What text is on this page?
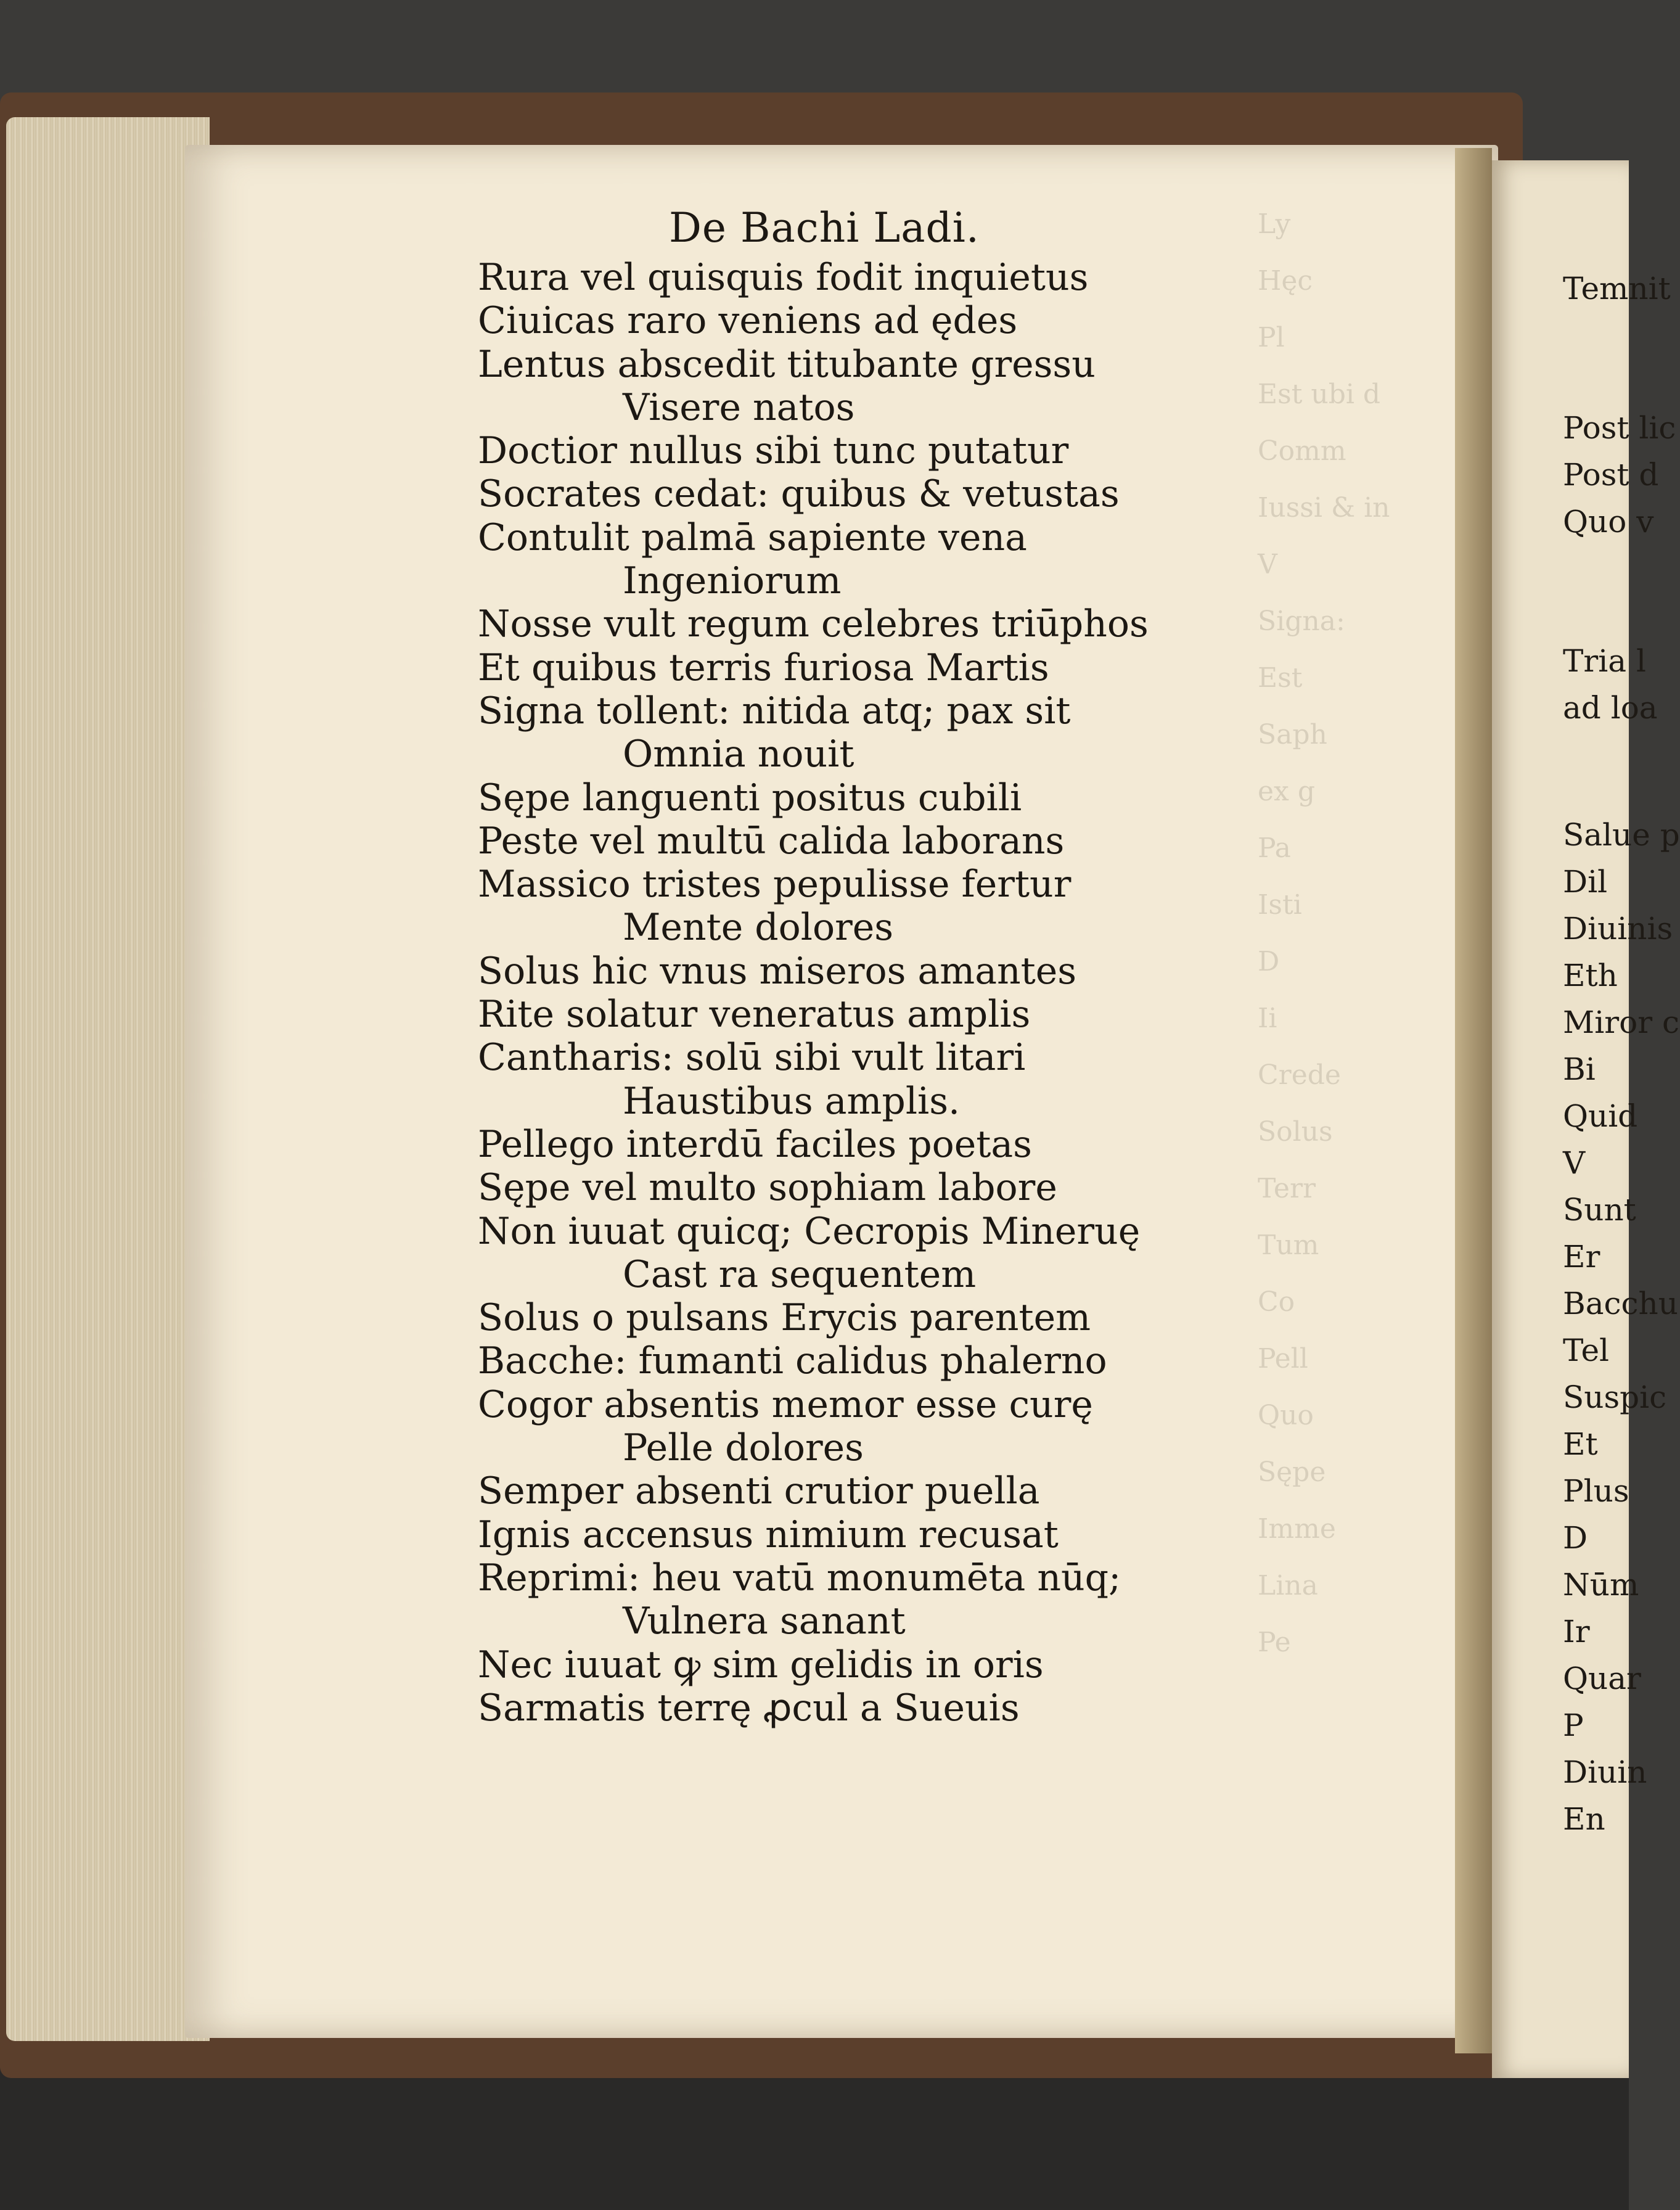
Ly
Hęc
Pl
Est ubi d
Comm
Iussi & in
V
Signa:
Est
Saph
ex g
Pa
Isti
D
Ii
Crede
Solus
Terr
Tum
Co
Pell
Quo
Sępe
Imme
Lina
Pe
Temnit
Post lic
Post d
Quo v
Tria l
ad loa
Salue p
Dil
Diuinis
Eth
Miror c
Bi
Quid
V
Sunt
Er
Bacchu
Tel
Suspic
Et
Plus
D
Nūm
Ir
Quar
P
Diuin
En
De Bachi Ladi.
Rura vel quisquis fodit inquietus
Ciuicas raro veniens ad ędes
Lentus abscedit titubante gressu
Visere natos
Doctior nullus sibi tunc putatur
Socrates cedat: quibus & vetustas
Contulit palmā sapiente vena
Ingeniorum
Nosse vult regum celebres triūphos
Et quibus terris furiosa Martis
Signa tollent: nitida atq; pax sit
Omnia nouit
Sępe languenti positus cubili
Peste vel multū calida laborans
Massico tristes pepulisse fertur
Mente dolores
Solus hic vnus miseros amantes
Rite solatur veneratus amplis
Cantharis: solū sibi vult litari
Haustibus amplis.
Pellego interdū faciles poetas
Sępe vel multo sophiam labore
Non iuuat quicq; Cecropis Mineruę
Cast ra sequentem
Solus o pulsans Erycis parentem
Bacche: fumanti calidus phalerno
Cogor absentis memor esse curę
Pelle dolores
Semper absenti crutior puella
Ignis accensus nimium recusat
Reprimi: heu vatū monumēta nūq;
Vulnera sanant
Nec iuuat ꝙ sim gelidis in oris
Sarmatis terrę ꝓcul a Sueuis
